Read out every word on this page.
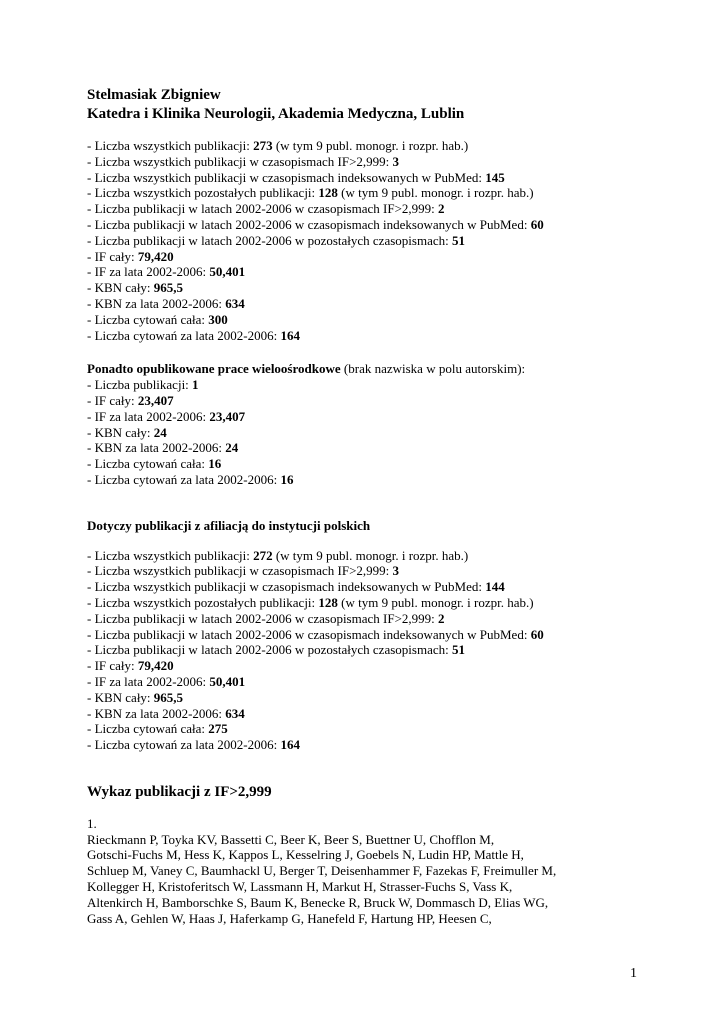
Stelmasiak Zbigniew

Katedra i Klinika Neurologii, Akademia Medyczna, Lublin

- Liczba wszystkich publikacji: 273 (w tym 9 publ. monogr. i rozpr. hab.)
- Liczba wszystkich publikacji w czasopismach IF>2,999: 3
- Liczba wszystkich publikacji w czasopismach indeksowanych w PubMed: 145
- Liczba wszystkich pozostałych publikacji: 128 (w tym 9 publ. monogr. i rozpr. hab.)
- Liczba publikacji w latach 2002-2006 w czasopismach IF>2,999: 2
- Liczba publikacji w latach 2002-2006 w czasopismach indeksowanych w PubMed: 60
- Liczba publikacji w latach 2002-2006 w pozostałych czasopismach: 51
- IF cały: 79,420
- IF za lata 2002-2006: 50,401
- KBN cały: 965,5
- KBN za lata 2002-2006: 634
- Liczba cytowań cała: 300
- Liczba cytowań za lata 2002-2006: 164
Ponadto opublikowane prace wieloośrodkowe (brak nazwiska w polu autorskim):
- Liczba publikacji: 1
- IF cały: 23,407
- IF za lata 2002-2006: 23,407
- KBN cały: 24
- KBN za lata 2002-2006: 24
- Liczba cytowań cała: 16
- Liczba cytowań za lata 2002-2006: 16

Dotyczy publikacji z afiliacją do instytucji polskich

- Liczba wszystkich publikacji: 272 (w tym 9 publ. monogr. i rozpr. hab.)
- Liczba wszystkich publikacji w czasopismach IF>2,999: 3
- Liczba wszystkich publikacji w czasopismach indeksowanych w PubMed: 144
- Liczba wszystkich pozostałych publikacji: 128 (w tym 9 publ. monogr. i rozpr. hab.)
- Liczba publikacji w latach 2002-2006 w czasopismach IF>2,999: 2
- Liczba publikacji w latach 2002-2006 w czasopismach indeksowanych w PubMed: 60
- Liczba publikacji w latach 2002-2006 w pozostałych czasopismach: 51
- IF cały: 79,420
- IF za lata 2002-2006: 50,401
- KBN cały: 965,5
- KBN za lata 2002-2006: 634
- Liczba cytowań cała: 275
- Liczba cytowań za lata 2002-2006: 164

Wykaz publikacji z IF>2,999

1.
Rieckmann P, Toyka KV, Bassetti C, Beer K, Beer S, Buettner U, Chofflon M,
Gotschi-Fuchs M, Hess K, Kappos L, Kesselring J, Goebels N, Ludin HP, Mattle H,
Schluep M, Vaney C, Baumhackl U, Berger T, Deisenhammer F, Fazekas F, Freimuller M,
Kollegger H, Kristoferitsch W, Lassmann H, Markut H, Strasser-Fuchs S, Vass K,
Altenkirch H, Bamborschke S, Baum K, Benecke R, Bruck W, Dommasch D, Elias WG,
Gass A, Gehlen W, Haas J, Haferkamp G, Hanefeld F, Hartung HP, Heesen C,
1
